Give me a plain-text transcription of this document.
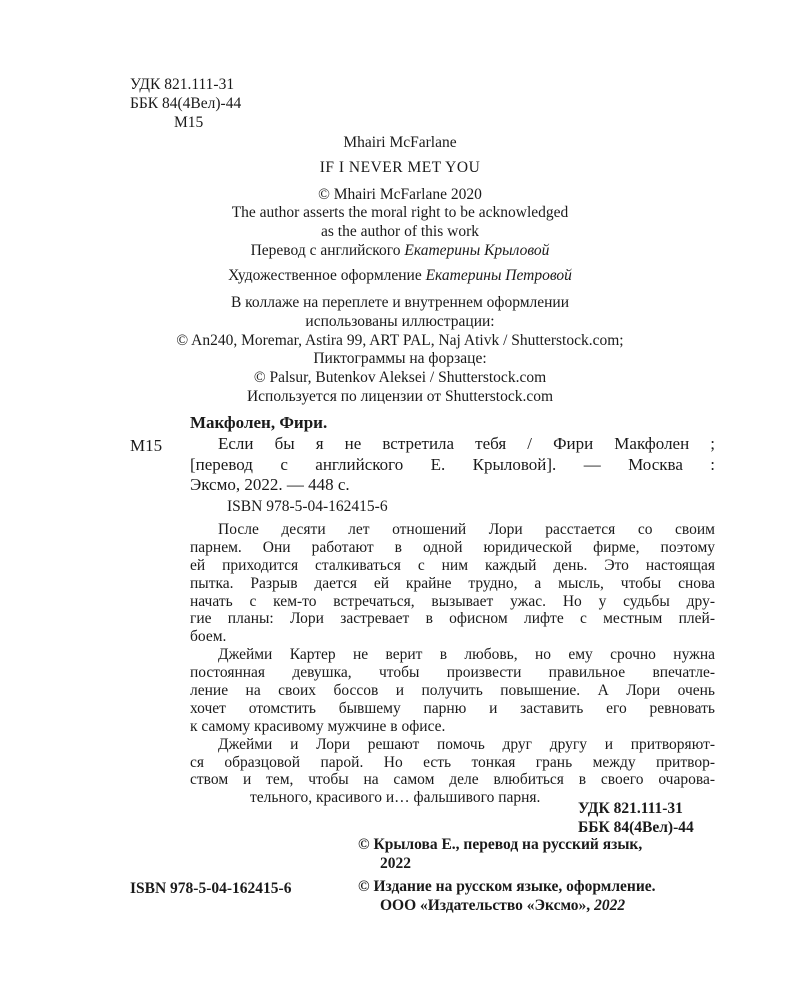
УДК 821.111-31
ББК 84(4Вел)-44
М15
Mhairi McFarlane
IF I NEVER MET YOU
© Mhairi McFarlane 2020
The author asserts the moral right to be acknowledged
as the author of this work
Перевод с английского Екатерины Крыловой
Художественное оформление Екатерины Петровой
В коллаже на переплете и внутреннем оформлении
использованы иллюстрации:
© An240, Moremar, Astira 99, ART PAL, Naj Ativk / Shutterstock.com;
Пиктограммы на форзаце:
© Palsur, Butenkov Aleksei / Shutterstock.com
Используется по лицензии от Shutterstock.com
Макфолен, Фири.
М15	Если бы я не встретила тебя / Фири Макфолен ;
[перевод с английского Е. Крыловой]. — Москва :
Эксмо, 2022. — 448 с.
ISBN 978-5-04-162415-6
После десяти лет отношений Лори расстается со своим
парнем. Они работают в одной юридической фирме, поэтому
ей приходится сталкиваться с ним каждый день. Это настоящая
пытка. Разрыв дается ей крайне трудно, а мысль, чтобы снова
начать с кем-то встречаться, вызывает ужас. Но у судьбы дру-
гие планы: Лори застревает в офисном лифте с местным плей-
боем.
Джейми Картер не верит в любовь, но ему срочно нужна
постоянная девушка, чтобы произвести правильное впечатле-
ление на своих боссов и получить повышение. А Лори очень
хочет отомстить бывшему парню и заставить его ревновать
к самому красивому мужчине в офисе.
Джейми и Лори решают помочь друг другу и притворяют-
ся образцовой парой. Но есть тонкая грань между притвор-
ством и тем, чтобы на самом деле влюбиться в своего очарова-
тельного, красивого и… фальшивого парня.
УДК 821.111-31
ББК 84(4Вел)-44
ISBN 978-5-04-162415-6
© Крылова Е., перевод на русский язык,
2022
© Издание на русском языке, оформление.
ООО «Издательство «Эксмо», 2022
